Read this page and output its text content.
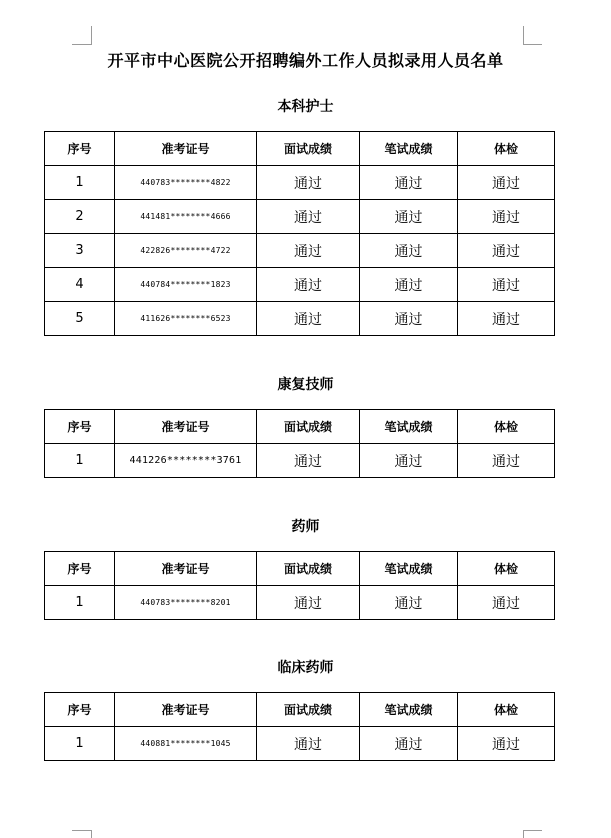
开平市中心医院公开招聘编外工作人员拟录用人员名单
本科护士
序号	准考证号	面试成绩	笔试成绩	体检
1	440783********4822	通过	通过	通过
2	441481********4666	通过	通过	通过
3	422826********4722	通过	通过	通过
4	440784********1823	通过	通过	通过
5	411626********6523	通过	通过	通过
康复技师
序号	准考证号	面试成绩	笔试成绩	体检
1	441226********3761	通过	通过	通过
药师
序号	准考证号	面试成绩	笔试成绩	体检
1	440783********8201	通过	通过	通过
临床药师
序号	准考证号	面试成绩	笔试成绩	体检
1	440881********1045	通过	通过	通过
